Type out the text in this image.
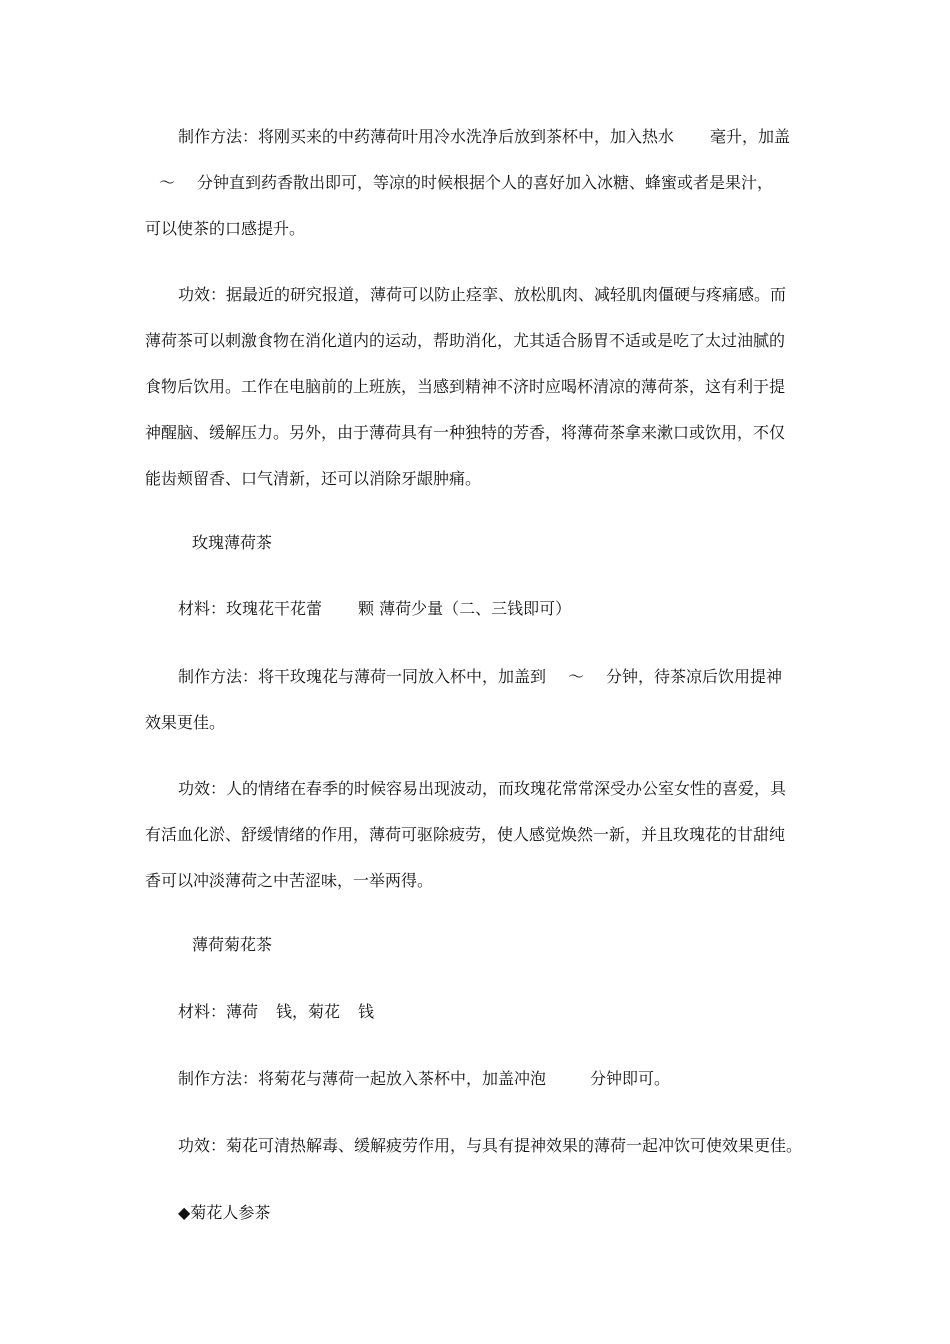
制作方法：将刚买来的中药薄荷叶用冷水洗净后放到茶杯中，加入热水 毫升，加盖
～ 分钟直到药香散出即可，等凉的时候根据个人的喜好加入冰糖、蜂蜜或者是果汁，
可以使茶的口感提升。
功效：据最近的研究报道，薄荷可以防止痉挛、放松肌肉、减轻肌肉僵硬与疼痛感。而
薄荷茶可以刺激食物在消化道内的运动，帮助消化，尤其适合肠胃不适或是吃了太过油腻的
食物后饮用。工作在电脑前的上班族，当感到精神不济时应喝杯清凉的薄荷茶，这有利于提
神醒脑、缓解压力。另外，由于薄荷具有一种独特的芳香，将薄荷茶拿来漱口或饮用，不仅
能齿颊留香、口气清新，还可以消除牙龈肿痛。
玫瑰薄荷茶
材料：玫瑰花干花蕾 颗 薄荷少量（二、三钱即可）
制作方法：将干玫瑰花与薄荷一同放入杯中，加盖到 ～ 分钟，待茶凉后饮用提神
效果更佳。
功效：人的情绪在春季的时候容易出现波动，而玫瑰花常常深受办公室女性的喜爱，具
有活血化淤、舒缓情绪的作用，薄荷可驱除疲劳，使人感觉焕然一新，并且玫瑰花的甘甜纯
香可以冲淡薄荷之中苦涩味，一举两得。
薄荷菊花茶
材料：薄荷 钱，菊花 钱
制作方法：将菊花与薄荷一起放入茶杯中，加盖冲泡	分钟即可。
功效：菊花可清热解毒、缓解疲劳作用，与具有提神效果的薄荷一起冲饮可使效果更佳。
◆菊花人参茶
